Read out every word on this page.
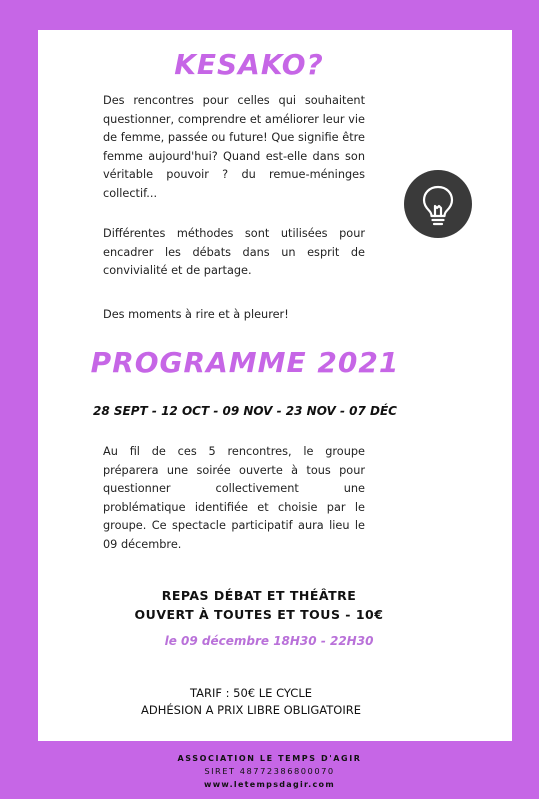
KESAKO?

Des rencontres pour celles qui souhaitent questionner, comprendre et améliorer leur vie de femme, passée ou future! Que signifie être femme aujourd'hui? Quand est-elle dans son véritable pouvoir ? du remue-méninges collectif...

Différentes méthodes sont utilisées pour encadrer les débats dans un esprit de convivialité et de partage.

Des moments à rire et à pleurer!

PROGRAMME 2021
28 SEPT - 12 OCT - 09 NOV - 23 NOV - 07 DÉC

Au fil de ces 5 rencontres, le groupe préparera une soirée ouverte à tous pour questionner collectivement une problématique identifiée et choisie par le groupe. Ce spectacle participatif aura lieu le 09 décembre.

REPAS DÉBAT ET THÉÂTRE
OUVERT À TOUTES ET TOUS - 10€
le 09 décembre 18H30 - 22H30
TARIF : 50€ LE CYCLE
ADHÉSION A PRIX LIBRE OBLIGATOIRE
ASSOCIATION LE TEMPS D'AGIR
SIRET 48772386800070
www.letempsdagir.com
